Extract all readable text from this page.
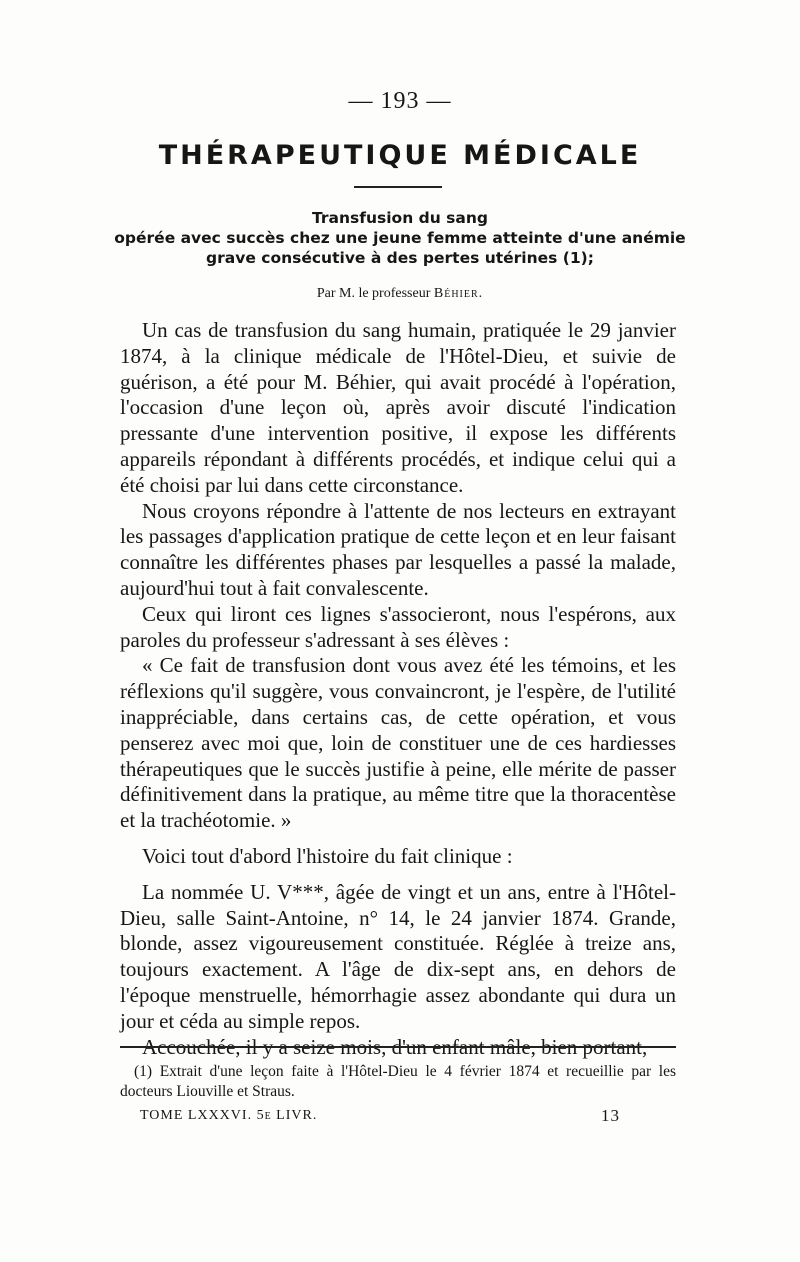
— 193 —
THÉRAPEUTIQUE MÉDICALE
Transfusion du sang
opérée avec succès chez une jeune femme atteinte d'une anémie
grave consécutive à des pertes utérines (1);
Par M. le professeur Béhier.

Un cas de transfusion du sang humain, pratiquée le 29 janvier 1874, à la clinique médicale de l'Hôtel-Dieu, et suivie de guérison, a été pour M. Béhier, qui avait procédé à l'opération, l'occasion d'une leçon où, après avoir discuté l'indication pressante d'une intervention positive, il expose les différents appareils répondant à différents procédés, et indique celui qui a été choisi par lui dans cette circonstance.

Nous croyons répondre à l'attente de nos lecteurs en extrayant les passages d'application pratique de cette leçon et en leur faisant connaître les différentes phases par lesquelles a passé la malade, aujourd'hui tout à fait convalescente.

Ceux qui liront ces lignes s'associeront, nous l'espérons, aux paroles du professeur s'adressant à ses élèves :

« Ce fait de transfusion dont vous avez été les témoins, et les réflexions qu'il suggère, vous convaincront, je l'espère, de l'utilité inappréciable, dans certains cas, de cette opération, et vous penserez avec moi que, loin de constituer une de ces hardiesses thérapeutiques que le succès justifie à peine, elle mérite de passer définitivement dans la pratique, au même titre que la thoracentèse et la trachéotomie. »

Voici tout d'abord l'histoire du fait clinique :

La nommée U. V***, âgée de vingt et un ans, entre à l'Hôtel-Dieu, salle Saint-Antoine, n° 14, le 24 janvier 1874. Grande, blonde, assez vigoureusement constituée. Réglée à treize ans, toujours exactement. A l'âge de dix-sept ans, en dehors de l'époque menstruelle, hémorrhagie assez abondante qui dura un jour et céda au simple repos.

Accouchée, il y a seize mois, d'un enfant mâle, bien portant,

(1) Extrait d'une leçon faite à l'Hôtel-Dieu le 4 février 1874 et recueillie par les docteurs Liouville et Straus.

TOME LXXXVI. 5e LIVR.	13
